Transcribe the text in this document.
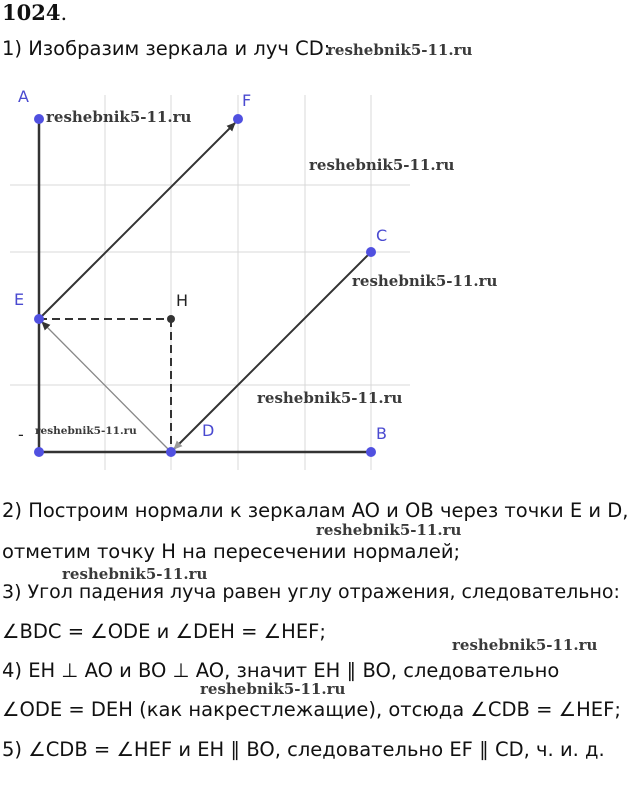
1024.
1) Изобразим зеркала и луч CD:
A	F
C
E	H
D	B
-
reshebnik5-11.ru
reshebnik5-11.ru
reshebnik5-11.ru
reshebnik5-11.ru
reshebnik5-11.ru
reshebnik5-11.ru
reshebnik5-11.ru
reshebnik5-11.ru
reshebnik5-11.ru
reshebnik5-11.ru
2) Построим нормали к зеркалам AO и OB через точки E и D,
отметим точку H на пересечении нормалей;
3) Угол падения луча равен углу отражения, следовательно:
∠BDC = ∠ODE и ∠DEH = ∠HEF;
4) EH ⊥ AO и BO ⊥ AO, значит EH ∥ BO, следовательно
∠ODE = DEH (как накрестлежащие), отсюда ∠CDB = ∠HEF;
5) ∠CDB = ∠HEF и EH ∥ BO, следовательно EF ∥ CD, ч. и. д.
